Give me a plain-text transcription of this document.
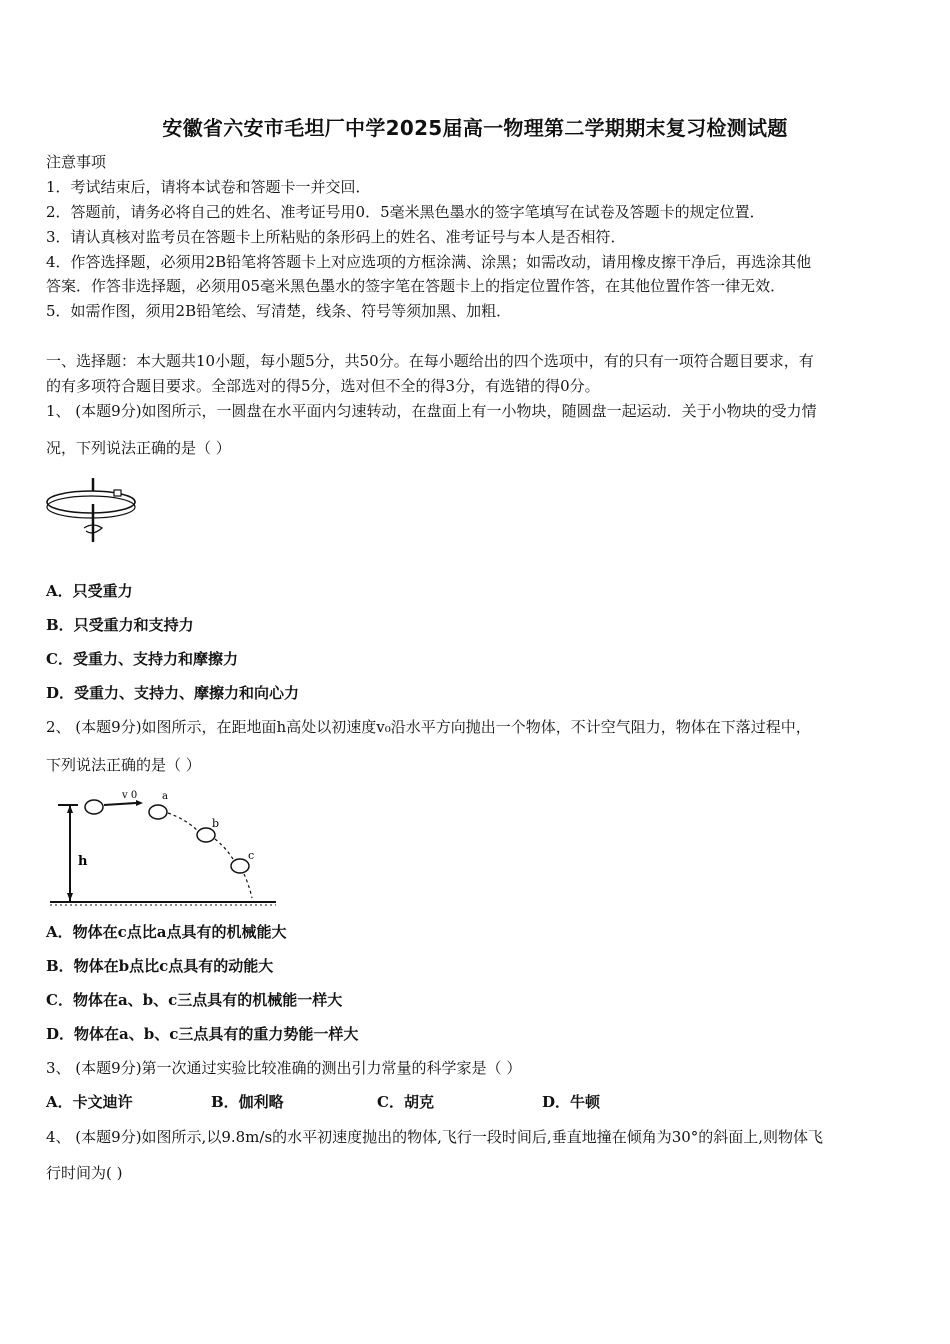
安徽省六安市毛坦厂中学2025届高一物理第二学期期末复习检测试题
注意事项
1．考试结束后，请将本试卷和答题卡一并交回．
2．答题前，请务必将自己的姓名、准考证号用0．5毫米黑色墨水的签字笔填写在试卷及答题卡的规定位置．
3．请认真核对监考员在答题卡上所粘贴的条形码上的姓名、准考证号与本人是否相符．
4．作答选择题，必须用2B铅笔将答题卡上对应选项的方框涂满、涂黑；如需改动，请用橡皮擦干净后，再选涂其他
答案．作答非选择题，必须用05毫米黑色墨水的签字笔在答题卡上的指定位置作答，在其他位置作答一律无效．
5．如需作图，须用2B铅笔绘、写清楚，线条、符号等须加黑、加粗．
一、选择题：本大题共10小题，每小题5分，共50分。在每小题给出的四个选项中，有的只有一项符合题目要求，有
的有多项符合题目要求。全部选对的得5分，选对但不全的得3分，有选错的得0分。
1、 (本题9分)如图所示，一圆盘在水平面内匀速转动，在盘面上有一小物块，随圆盘一起运动．关于小物块的受力情
况，下列说法正确的是（ ）
A．只受重力
B．只受重力和支持力
C．受重力、支持力和摩擦力
D．受重力、支持力、摩擦力和向心力
2、 (本题9分)如图所示，在距地面h高处以初速度v₀沿水平方向抛出一个物体，不计空气阻力，物体在下落过程中，
下列说法正确的是（ ）
h
v 0 a
b
c
A．物体在c点比a点具有的机械能大
B．物体在b点比c点具有的动能大
C．物体在a、b、c三点具有的机械能一样大
D．物体在a、b、c三点具有的重力势能一样大
3、 (本题9分)第一次通过实验比较准确的测出引力常量的科学家是（ ）
A．卡文迪许	B．伽利略	C．胡克	D．牛顿
4、 (本题9分)如图所示,以9.8m/s的水平初速度抛出的物体,飞行一段时间后,垂直地撞在倾角为30°的斜面上,则物体飞
行时间为( )
